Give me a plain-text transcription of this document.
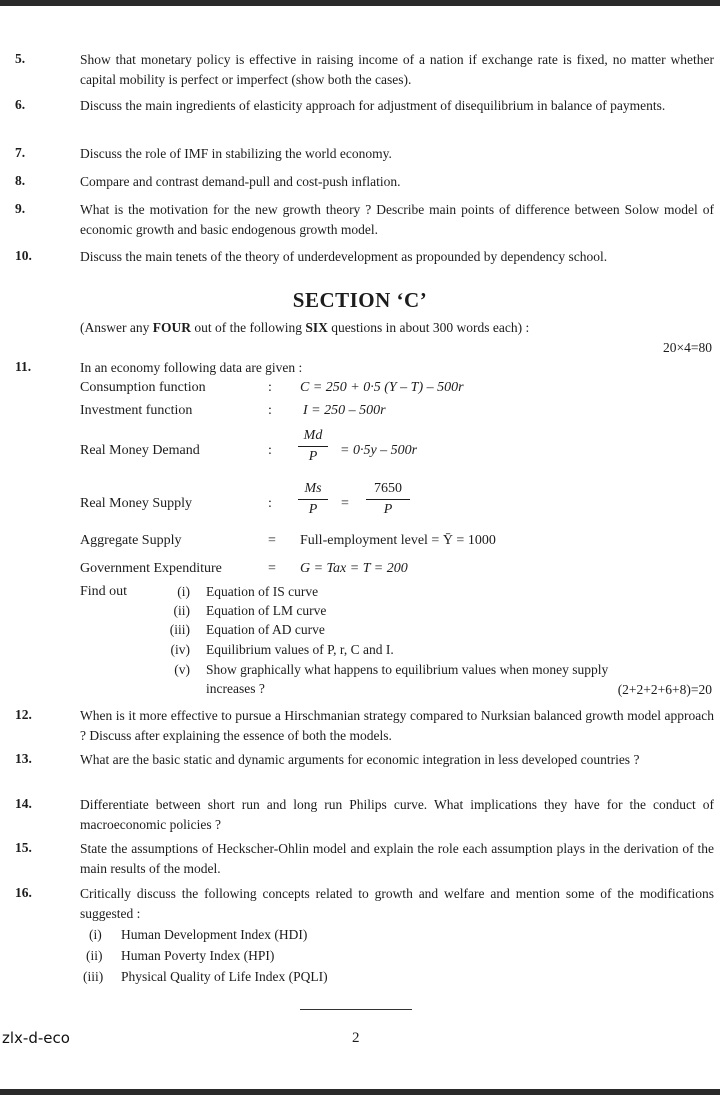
5.	Show that monetary policy is effective in raising income of a nation if exchange rate is fixed, no matter whether capital mobility is perfect or imperfect (show both the cases).
6.	Discuss the main ingredients of elasticity approach for adjustment of disequilibrium in balance of payments.
7.	Discuss the role of IMF in stabilizing the world economy.
8.	Compare and contrast demand-pull and cost-push inflation.
9.	What is the motivation for the new growth theory ? Describe main points of difference between Solow model of economic growth and basic endogenous growth model.
10.	Discuss the main tenets of the theory of underdevelopment as propounded by dependency school.
SECTION ‘C’
(Answer any FOUR out of the following SIX questions in about 300 words each) :
20×4=80
11.	In an economy following data are given :
Consumption function	: C = 250 + 0·5 (Y – T) – 500r
Investment function	: I = 250 – 500r
Real Money Demand	: $\frac{Md}{P} = 0\cdot 5y - 500r$
Real Money Supply	: $\frac{Ms}{P} = \frac{7650}{P}$
Aggregate Supply	= Full-employment level = Ȳ = 1000
Government Expenditure	= G = Tax = T = 200
Find out	(i) Equation of IS curve
(ii) Equation of LM curve
(iii) Equation of AD curve
(iv) Equilibrium values of P, r, C and I.
(v) Show graphically what happens to equilibrium values when money supply
increases ?	(2+2+2+6+8)=20
12.	When is it more effective to pursue a Hirschmanian strategy compared to Nurksian balanced growth model approach ? Discuss after explaining the essence of both the models.
13.	What are the basic static and dynamic arguments for economic integration in less developed countries ?
14.	Differentiate between short run and long run Philips curve. What implications they have for the conduct of macroeconomic policies ?
15.	State the assumptions of Heckscher-Ohlin model and explain the role each assumption plays in the derivation of the main results of the model.
16.	Critically discuss the following concepts related to growth and welfare and mention some of the modifications suggested :
(i) Human Development Index (HDI)
(ii) Human Poverty Index (HPI)
(iii) Physical Quality of Life Index (PQLI)
zlx-d-eco	2
